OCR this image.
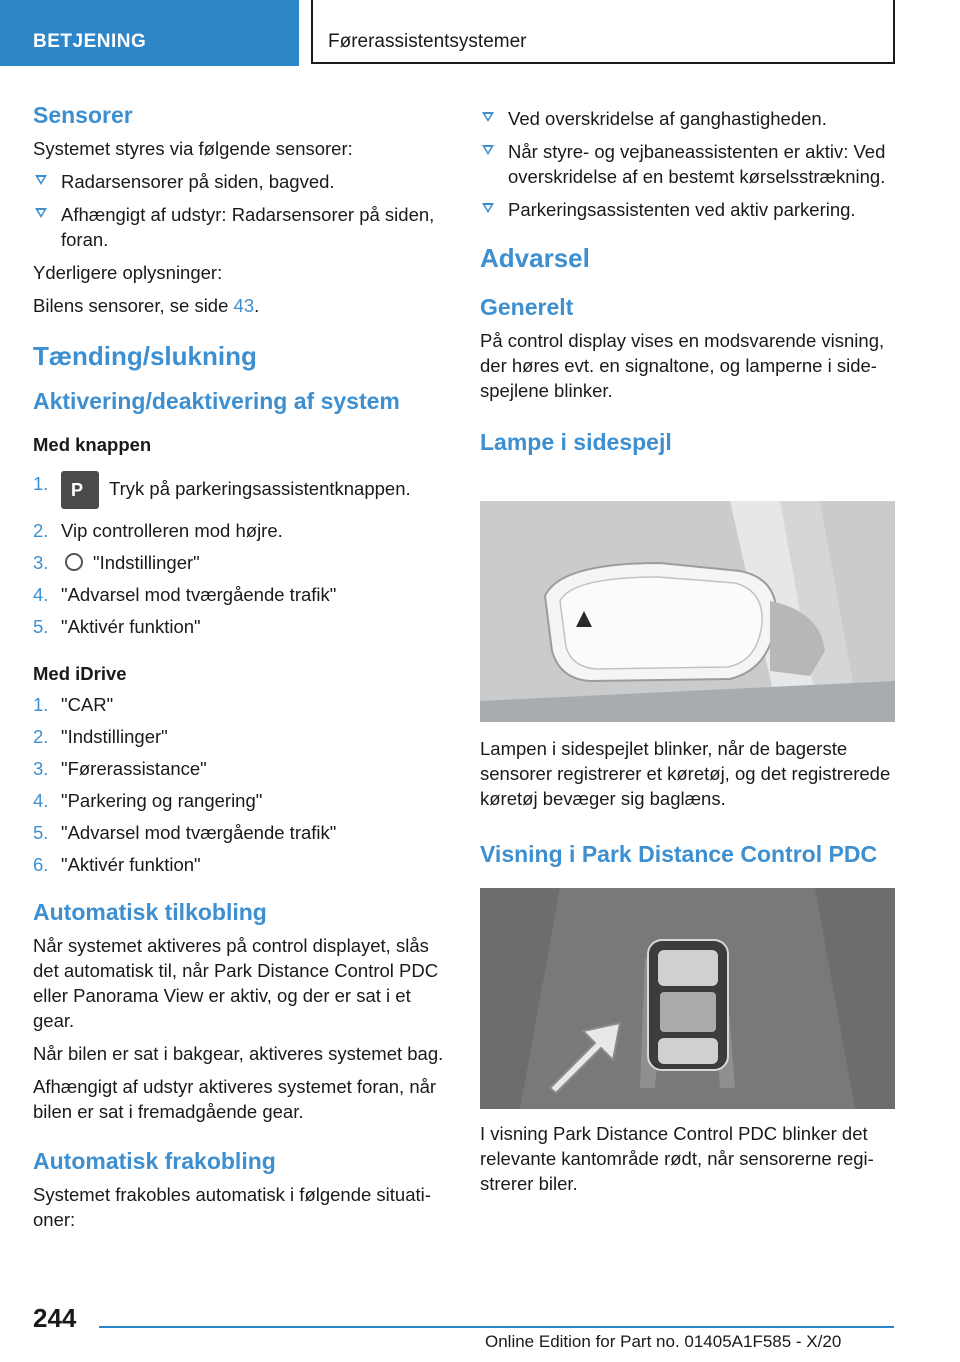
BETJENING	Førerassistentsystemer
Sensorer

Systemet styres via følgende sensorer:

Radarsensorer på siden, bagved.
Afhængigt af udstyr: Radarsensorer på siden, foran.

Yderligere oplysninger:

Bilens sensorer, se side 43.

Tænding/slukning
Aktivering/deaktivering af system
Med knappen
1. P Tryk på parkeringsassistentknappen.
2. Vip controlleren mod højre.
3. "Indstillinger"
4. "Advarsel mod tværgående trafik"
5. "Aktivér funktion"
Med iDrive
1. "CAR"
2. "Indstillinger"
3. "Førerassistance"
4. "Parkering og rangering"
5. "Advarsel mod tværgående trafik"
6. "Aktivér funktion"
Automatisk tilkobling

Når systemet aktiveres på control displayet, slås det automatisk til, når Park Distance Control PDC eller Panorama View er aktiv, og der er sat i et gear.

Når bilen er sat i bakgear, aktiveres systemet bag.

Afhængigt af udstyr aktiveres systemet foran, når bilen er sat i fremadgående gear.

Automatisk frakobling

Systemet frakobles automatisk i følgende situationer:

Ved overskridelse af ganghastigheden.
Når styre- og vejbaneassistenten er aktiv: Ved overskridelse af en bestemt kørselsstrækning.
Parkeringsassistenten ved aktiv parkering.
Advarsel
Generelt

På control display vises en modsvarende visning, der høres evt. en signaltone, og lamperne i sidespejlene blinker.

Lampe i sidespejl

Lampen i sidespejlet blinker, når de bagerste sensorer registrerer et køretøj, og det registrerede køretøj bevæger sig baglæns.

Visning i Park Distance Control PDC

I visning Park Distance Control PDC blinker det relevante kantområde rødt, når sensorerne registrerer biler.

244
Online Edition for Part no. 01405A1F585 - X/20
